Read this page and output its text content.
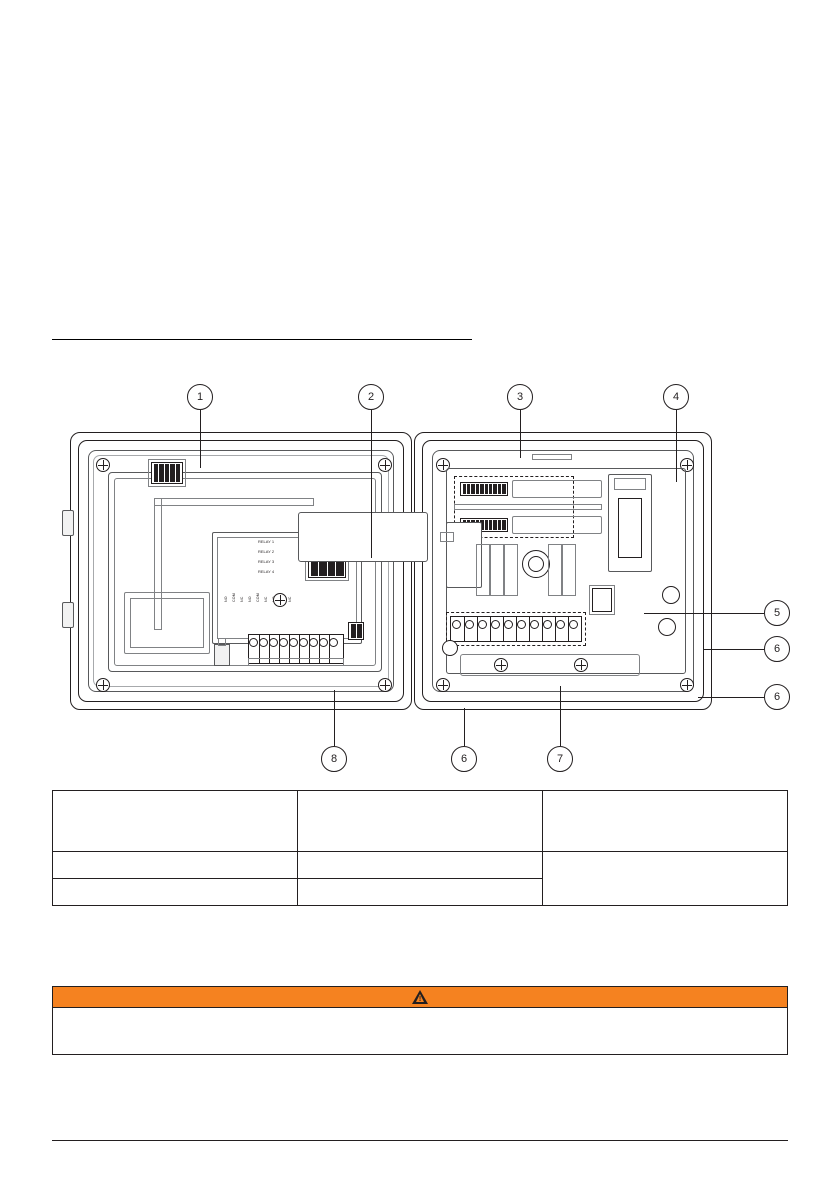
1	2	3	4
5
6
6
6	7
8
RELAY 1
RELAY 2
RELAY 3
RELAY 4
NO COM NC NO COM NC	NC

!
